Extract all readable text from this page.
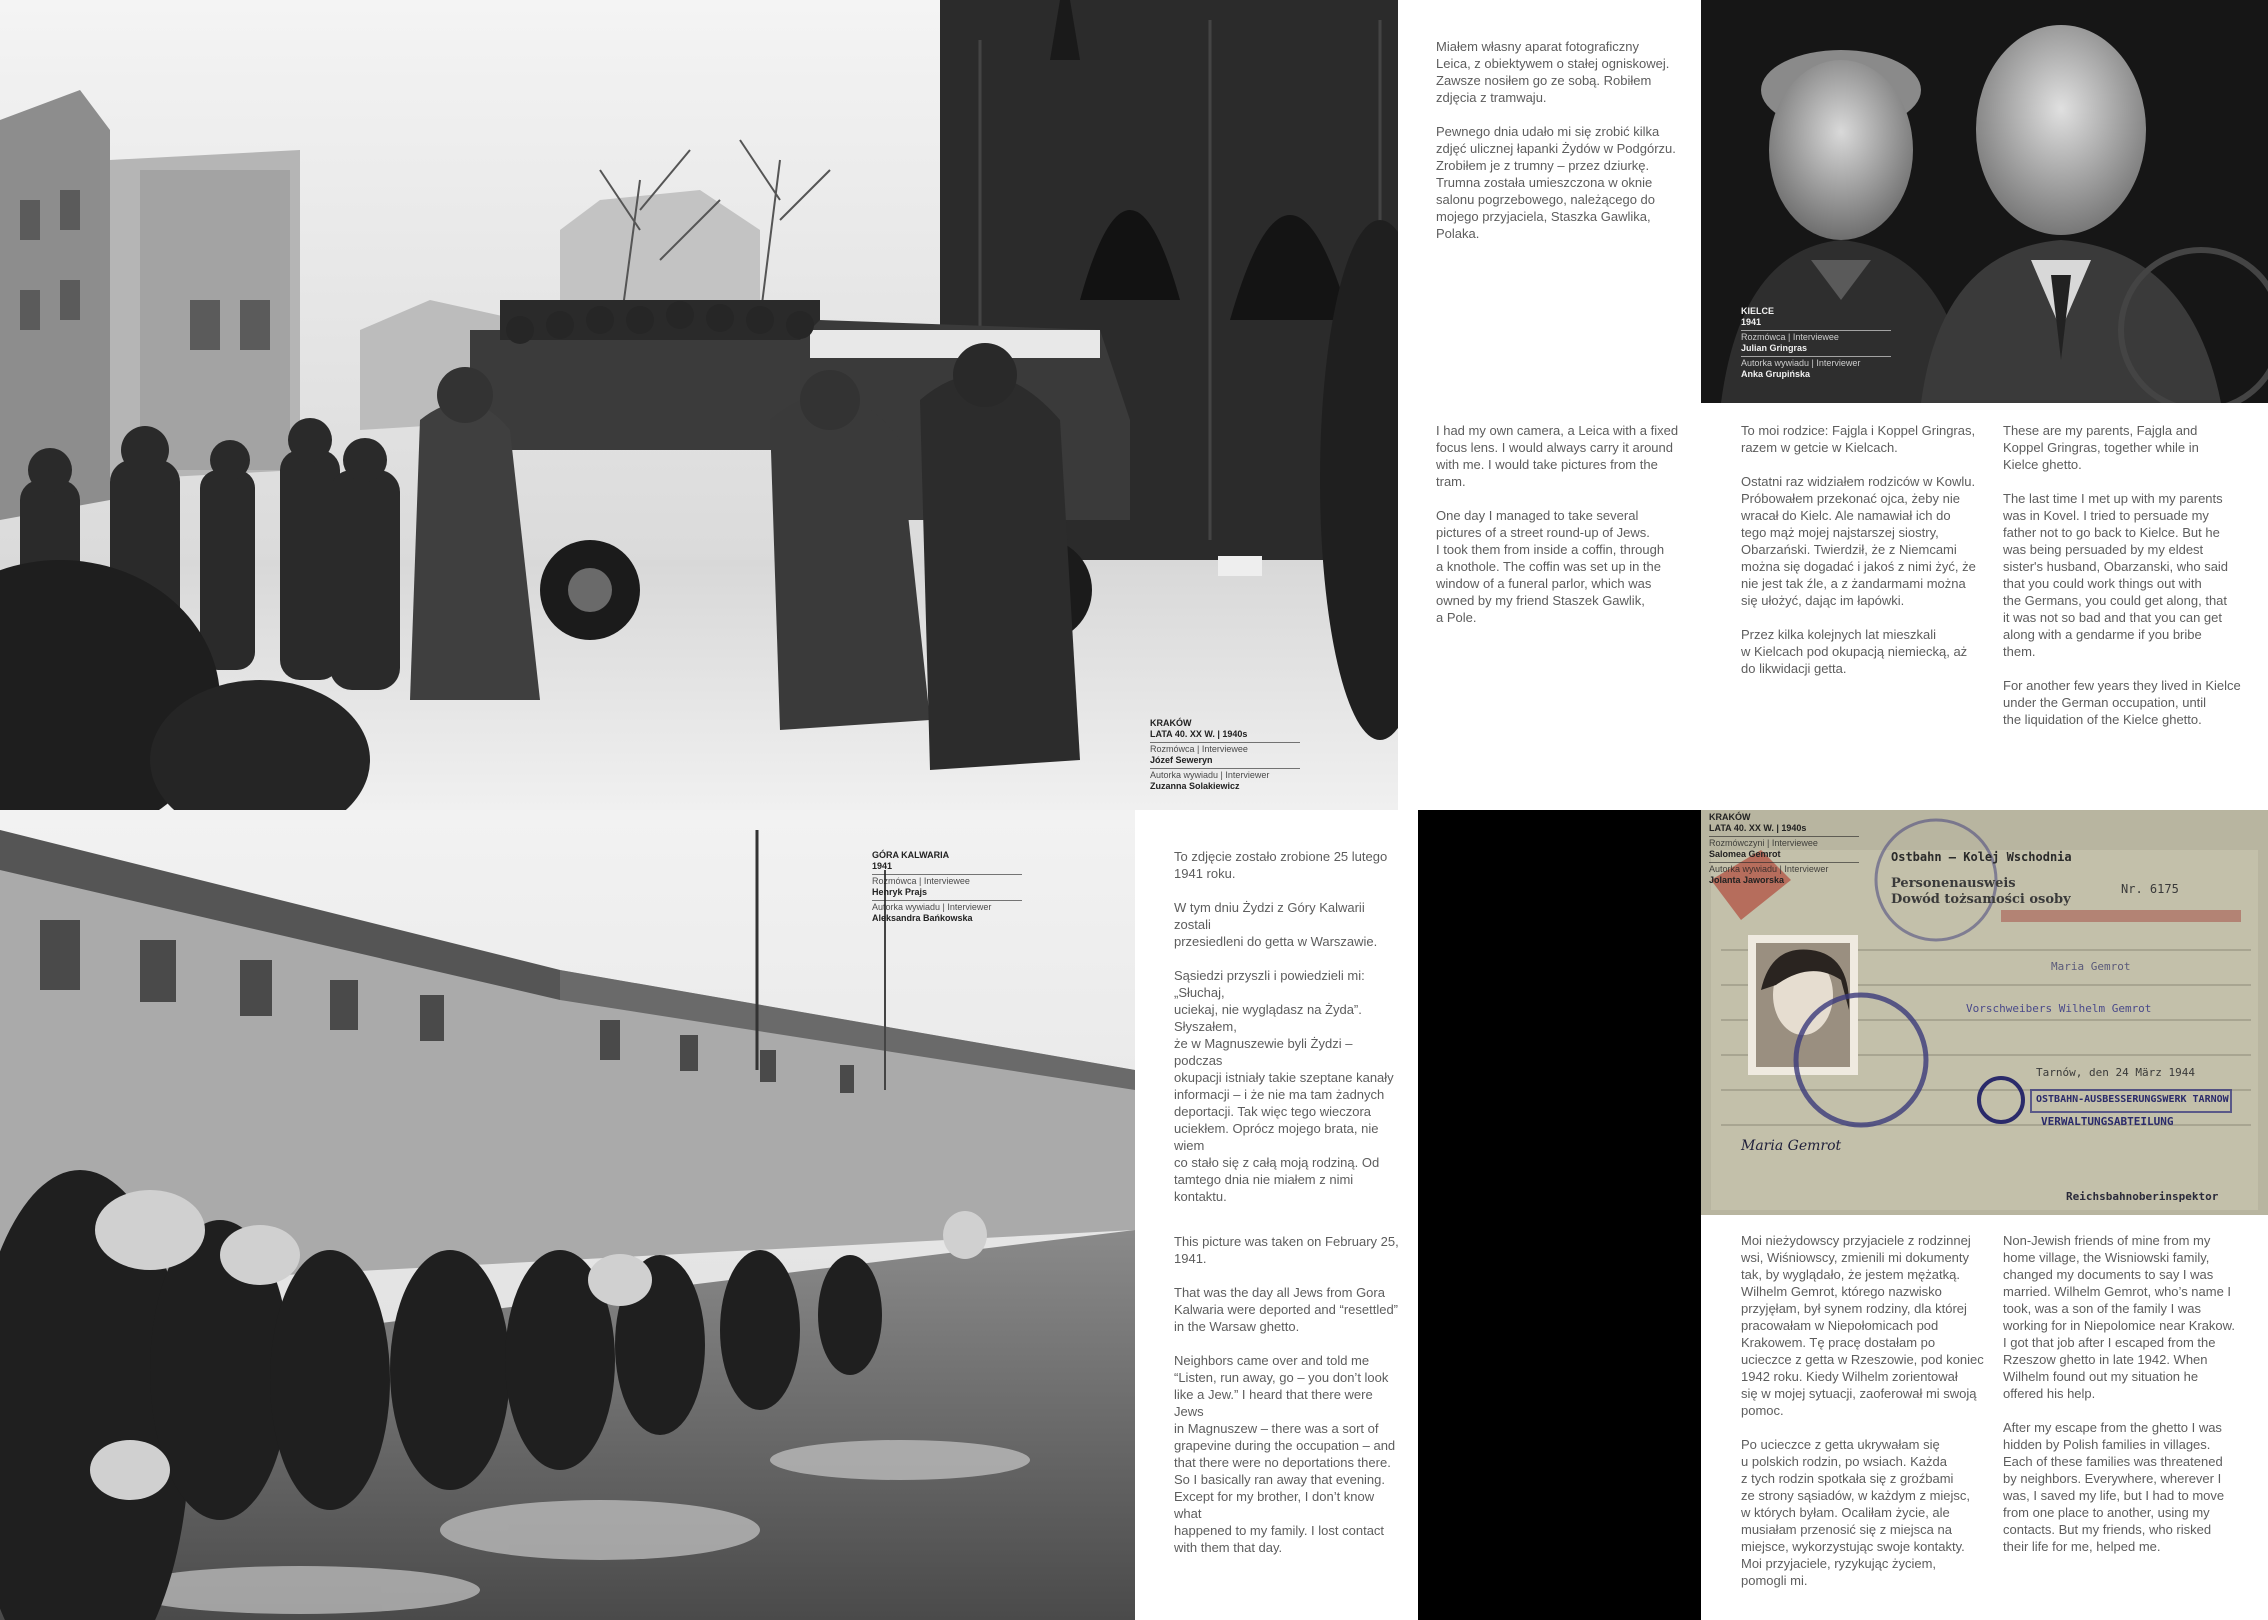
KRAKÓW
LATA 40. XX W. | 1940s
Rozmówca | Interviewee
Józef Seweryn
Autorka wywiadu | Interviewer
Zuzanna Solakiewicz

Miałem własny aparat fotograficzny
Leica, z obiektywem o stałej ogniskowej.
Zawsze nosiłem go ze sobą. Robiłem
zdjęcia z tramwaju.

Pewnego dnia udało mi się zrobić kilka
zdjęć ulicznej łapanki Żydów w Podgórzu.
Zrobiłem je z trumny – przez dziurkę.
Trumna została umieszczona w oknie
salonu pogrzebowego, należącego do
mojego przyjaciela, Staszka Gawlika,
Polaka.

I had my own camera, a Leica with a fixed
focus lens. I would always carry it around
with me. I would take pictures from the
tram.

One day I managed to take several
pictures of a street round-up of Jews.
I took them from inside a coffin, through
a knothole. The coffin was set up in the
window of a funeral parlor, which was
owned by my friend Staszek Gawlik,
a Pole.

KIELCE
1941
Rozmówca | Interviewee
Julian Gringras
Autorka wywiadu | Interviewer
Anka Grupińska

To moi rodzice: Fajgla i Koppel Gringras,
razem w getcie w Kielcach.

Ostatni raz widziałem rodziców w Kowlu.
Próbowałem przekonać ojca, żeby nie
wracał do Kielc. Ale namawiał ich do
tego mąż mojej najstarszej siostry,
Obarzański. Twierdził, że z Niemcami
można się dogadać i jakoś z nimi żyć, że
nie jest tak źle, a z żandarmami można
się ułożyć, dając im łapówki.

Przez kilka kolejnych lat mieszkali
w Kielcach pod okupacją niemiecką, aż
do likwidacji getta.

These are my parents, Fajgla and
Koppel Gringras, together while in
Kielce ghetto.

The last time I met up with my parents
was in Kovel. I tried to persuade my
father not to go back to Kielce. But he
was being persuaded by my eldest
sister's husband, Obarzanski, who said
that you could work things out with
the Germans, you could get along, that
it was not so bad and that you can get
along with a gendarme if you bribe
them.

For another few years they lived in Kielce
under the German occupation, until
the liquidation of the Kielce ghetto.

GÓRA KALWARIA
1941
Rozmówca | Interviewee
Henryk Prajs
Autorka wywiadu | Interviewer
Aleksandra Bańkowska

To zdjęcie zostało zrobione 25 lutego
1941 roku.

W tym dniu Żydzi z Góry Kalwarii zostali
przesiedleni do getta w Warszawie.

Sąsiedzi przyszli i powiedzieli mi: „Słuchaj,
uciekaj, nie wyglądasz na Żyda”. Słyszałem,
że w Magnuszewie byli Żydzi – podczas
okupacji istniały takie szeptane kanały
informacji – i że nie ma tam żadnych
deportacji. Tak więc tego wieczora
uciekłem. Oprócz mojego brata, nie wiem
co stało się z całą moją rodziną. Od
tamtego dnia nie miałem z nimi kontaktu.

This picture was taken on February 25,
1941.

That was the day all Jews from Gora
Kalwaria were deported and “resettled”
in the Warsaw ghetto.

Neighbors came over and told me
“Listen, run away, go – you don’t look
like a Jew.” I heard that there were Jews
in Magnuszew – there was a sort of
grapevine during the occupation – and
that there were no deportations there.
So I basically ran away that evening.
Except for my brother, I don’t know what
happened to my family. I lost contact
with them that day.

Ostbahn — Kolej Wschodnia
Personenausweis
Dowód tożsamości osoby
Nr. 6175
Maria Gemrot
Vorschweibers Wilhelm Gemrot
Tarnów, den 24 März 1944
Maria Gemrot
OSTBAHN-AUSBESSERUNGSWERK TARNOW
VERWALTUNGSABTEILUNG
Reichsbahnoberinspektor
KRAKÓW
LATA 40. XX W. | 1940s
Rozmówczyni | Interviewee
Salomea Gemrot
Autorka wywiadu | Interviewer
Jolanta Jaworska

Moi nieżydowscy przyjaciele z rodzinnej
wsi, Wiśniowscy, zmienili mi dokumenty
tak, by wyglądało, że jestem mężatką.
Wilhelm Gemrot, którego nazwisko
przyjęłam, był synem rodziny, dla której
pracowałam w Niepołomicach pod
Krakowem. Tę pracę dostałam po
ucieczce z getta w Rzeszowie, pod koniec
1942 roku. Kiedy Wilhelm zorientował
się w mojej sytuacji, zaoferował mi swoją
pomoc.

Po ucieczce z getta ukrywałam się
u polskich rodzin, po wsiach. Każda
z tych rodzin spotkała się z groźbami
ze strony sąsiadów, w każdym z miejsc,
w których byłam. Ocaliłam życie, ale
musiałam przenosić się z miejsca na
miejsce, wykorzystując swoje kontakty.
Moi przyjaciele, ryzykując życiem,
pomogli mi.

Non-Jewish friends of mine from my
home village, the Wisniowski family,
changed my documents to say I was
married. Wilhelm Gemrot, who’s name I
took, was a son of the family I was
working for in Niepolomice near Krakow.
I got that job after I escaped from the
Rzeszow ghetto in late 1942. When
Wilhelm found out my situation he
offered his help.

After my escape from the ghetto I was
hidden by Polish families in villages.
Each of these families was threatened
by neighbors. Everywhere, wherever I
was, I saved my life, but I had to move
from one place to another, using my
contacts. But my friends, who risked
their life for me, helped me.
